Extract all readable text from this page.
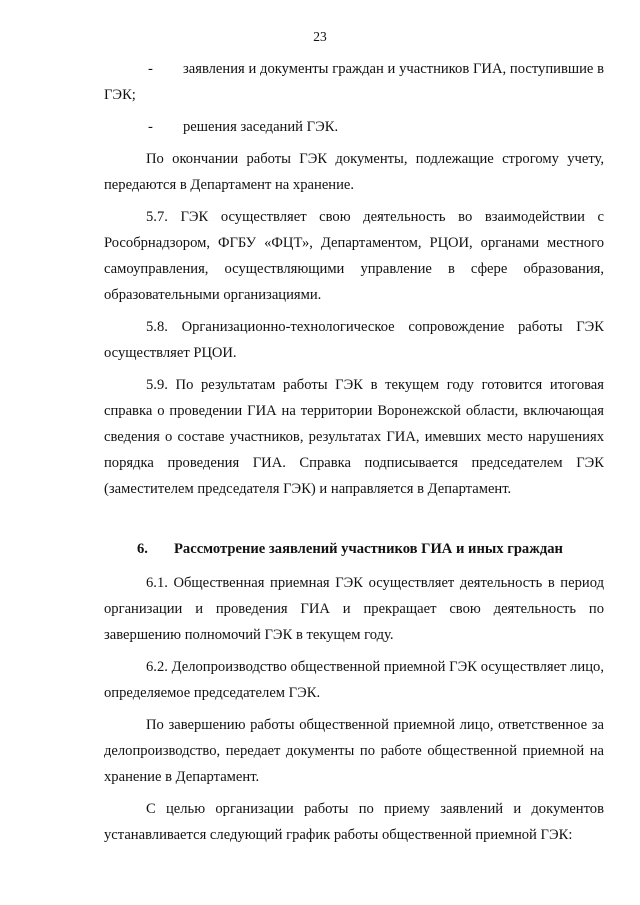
23

- заявления и документы граждан и участников ГИА, поступившие в ГЭК;

- решения заседаний ГЭК.

По окончании работы ГЭК документы, подлежащие строгому учету, передаются в Департамент на хранение.

5.7. ГЭК осуществляет свою деятельность во взаимодействии с Рособрнадзором, ФГБУ «ФЦТ», Департаментом, РЦОИ, органами местного самоуправления, осуществляющими управление в сфере образования, образовательными организациями.

5.8. Организационно-технологическое сопровождение работы ГЭК осуществляет РЦОИ.

5.9. По результатам работы ГЭК в текущем году готовится итоговая справка о проведении ГИА на территории Воронежской области, включающая сведения о составе участников, результатах ГИА, имевших место нарушениях порядка проведения ГИА. Справка подписывается председателем ГЭК (заместителем председателя ГЭК) и направляется в Департамент.

6. Рассмотрение заявлений участников ГИА и иных граждан

6.1. Общественная приемная ГЭК осуществляет деятельность в период организации и проведения ГИА и прекращает свою деятельность по завершению полномочий ГЭК в текущем году.

6.2. Делопроизводство общественной приемной ГЭК осуществляет лицо, определяемое председателем ГЭК.

По завершению работы общественной приемной лицо, ответственное за делопроизводство, передает документы по работе общественной приемной на хранение в Департамент.

С целью организации работы по приему заявлений и документов устанавливается следующий график работы общественной приемной ГЭК:
